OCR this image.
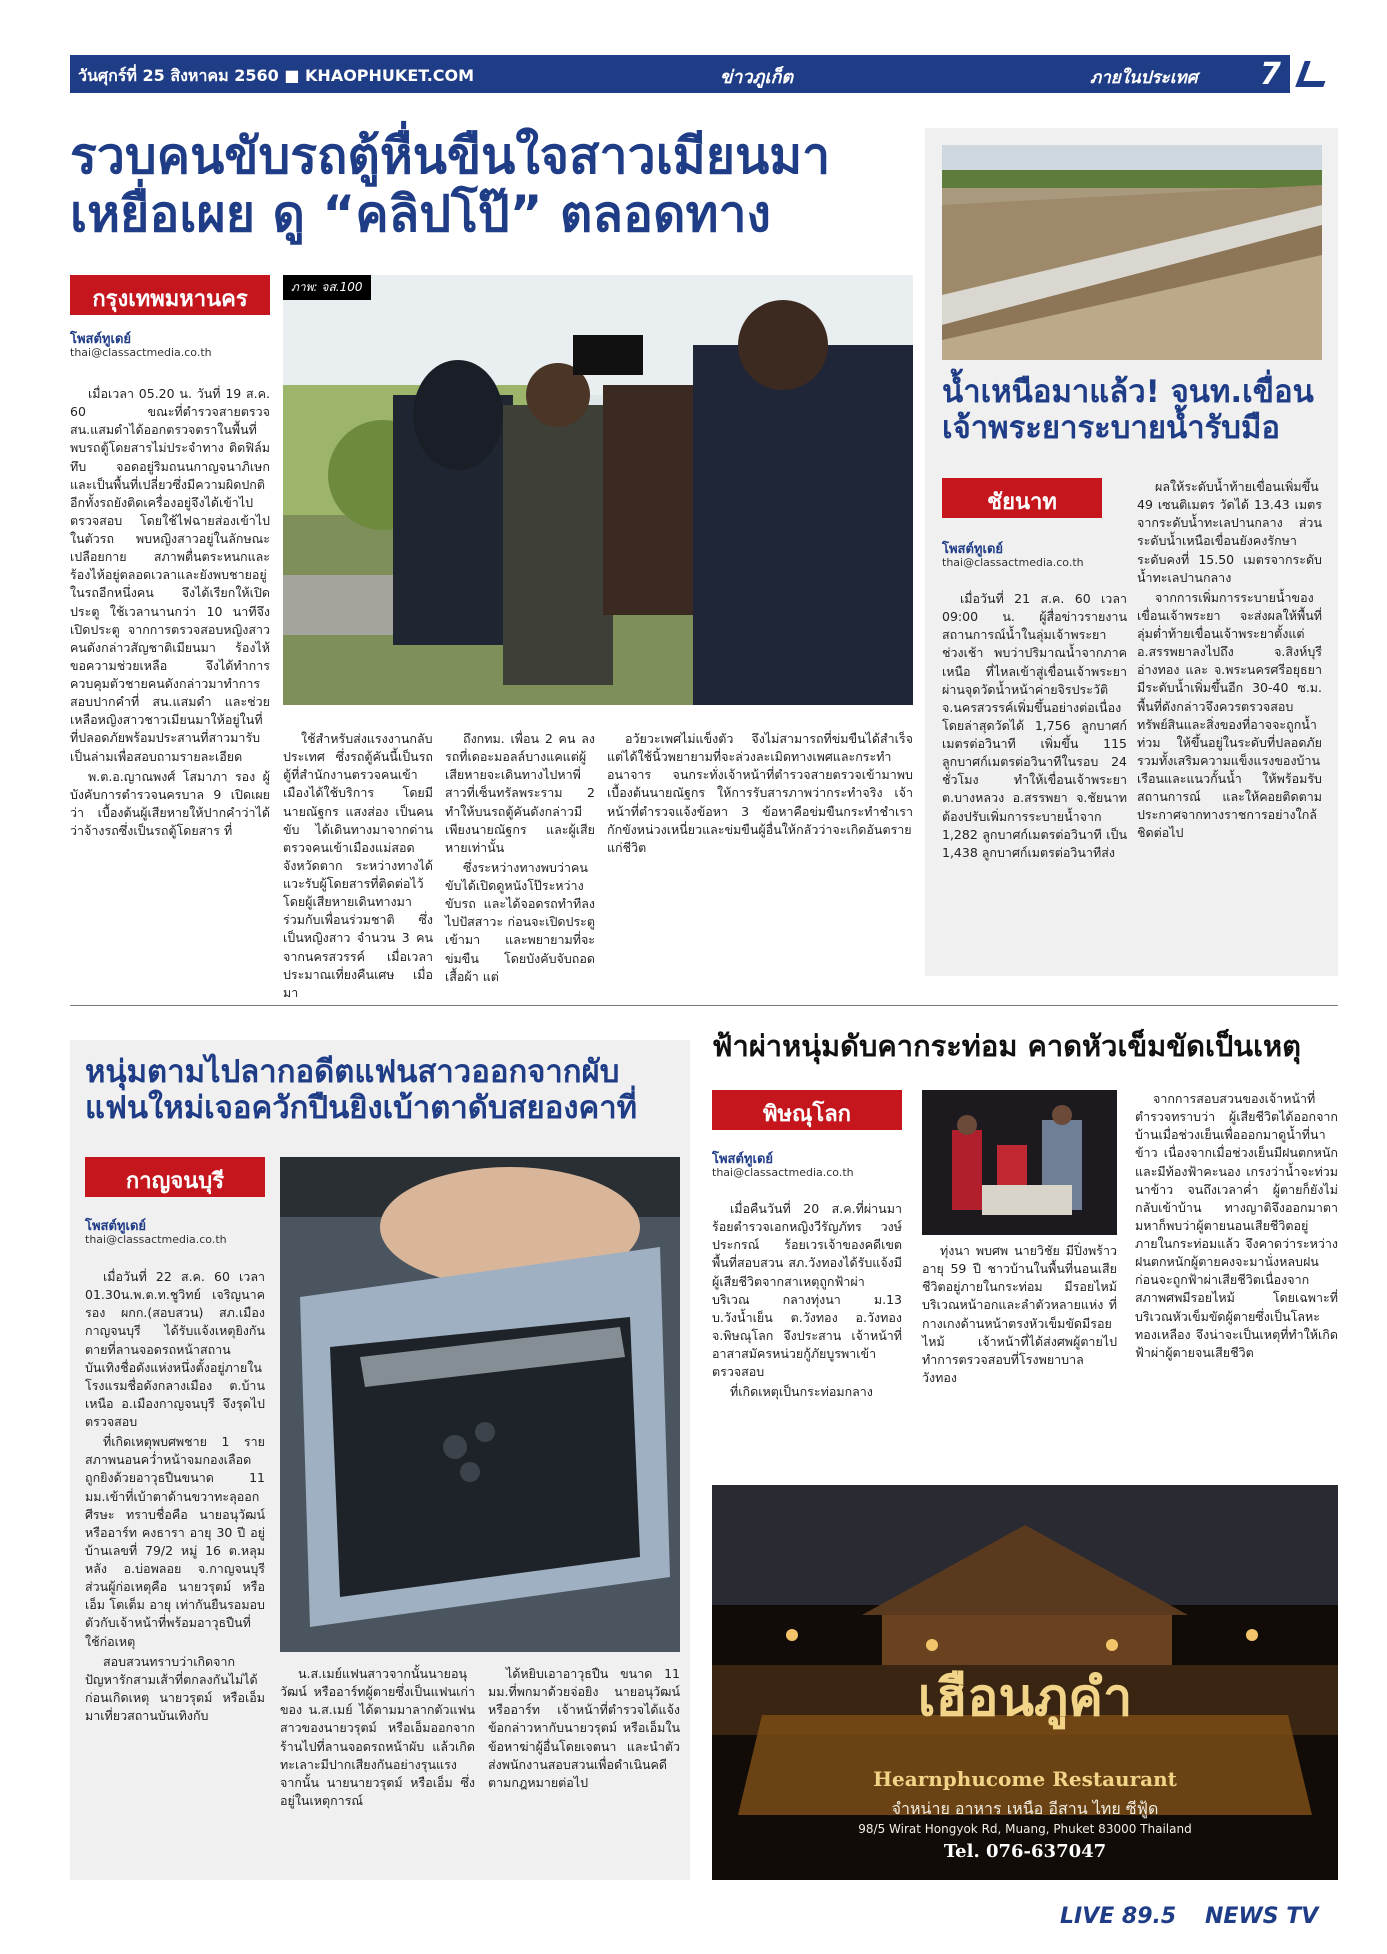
วันศุกร์ที่ 25 สิงหาคม 2560 ■ KHAOPHUKET.COM	ข่าวภูเก็ต	ภายในประเทศ 7
รวบคนขับรถตู้หื่นขืนใจสาวเมียนมา
เหยื่อเผย ดู “คลิปโป๊” ตลอดทาง
กรุงเทพมหานคร
โพสต์ทูเดย์
thai@classactmedia.co.th

เมื่อเวลา 05.20 น. วันที่ 19 ส.ค. 60 ขณะที่ตำรวจสายตรวจ สน.แสมดำได้ออกตรวจตราในพื้นที่ พบรถตู้โดยสารไม่ประจำทาง ติดฟิล์มทึบ จอดอยู่ริมถนนกาญจนาภิเษก และเป็นพื้นที่เปลี่ยวซึ่งมีความผิดปกติ อีกทั้งรถยังติดเครื่องอยู่จึงได้เข้าไปตรวจสอบ โดยใช้ไฟฉายส่องเข้าไปในตัวรถ พบหญิงสาวอยู่ในลักษณะเปลือยกาย สภาพตื่นตระหนกและร้องไห้อยู่ตลอดเวลาและยังพบชายอยู่ในรถอีกหนึ่งคน จึงได้เรียกให้เปิดประตู ใช้เวลานานกว่า 10 นาทีจึงเปิดประตู จากการตรวจสอบหญิงสาวคนดังกล่าวสัญชาติเมียนมา ร้องไห้ขอความช่วยเหลือ จึงได้ทำการควบคุมตัวชายคนดังกล่าวมาทำการสอบปากคำที่ สน.แสมดำ และช่วยเหลือหญิงสาวชาวเมียนมาให้อยู่ในที่ที่ปลอดภัยพร้อมประสานที่สาวมารับเป็นล่ามเพื่อสอบถามรายละเอียด

พ.ต.อ.ญาณพงศ์ โสมาภา รอง ผู้บังคับการตำรวจนครบาล 9 เปิดเผยว่า เบื้องต้นผู้เสียหายให้ปากคำว่าได้ว่าจ้างรถซึ่งเป็นรถตู้โดยสาร ที่

ภาพ: จส.100

ใช้สำหรับส่งแรงงานกลับประเทศ ซึ่งรถตู้คันนี้เป็นรถตู้ที่สำนักงานตรวจคนเข้าเมืองได้ใช้บริการ โดยมี นายณัฐกร แสงส่อง เป็นคนขับ ได้เดินทางมาจากด่านตรวจคนเข้าเมืองแม่สอด จังหวัดตาก ระหว่างทางได้แวะรับผู้โดยสารที่ติดต่อไว้ โดยผู้เสียหายเดินทางมาร่วมกับเพื่อนร่วมชาติ ซึ่งเป็นหญิงสาว จำนวน 3 คน จากนครสวรรค์ เมื่อเวลาประมาณเที่ยงคืนเศษ เมื่อมา

ถึงกทม. เพื่อน 2 คน ลงรถที่เดอะมอลล์บางแคแต่ผู้เสียหายจะเดินทางไปหาพี่สาวที่เซ็นทรัลพระราม 2 ทำให้บนรถตู้คันดังกล่าวมีเพียงนายณัฐกร และผู้เสียหายเท่านั้น

ซึ่งระหว่างทางพบว่าคนขับได้เปิดดูหนังโป๊ระหว่างขับรถ และได้จอดรถทำทีลงไปปัสสาวะ ก่อนจะเปิดประตูเข้ามา และพยายามที่จะข่มขืน โดยบังคับจับถอดเสื้อผ้า แต่

อวัยวะเพศไม่แข็งตัว จึงไม่สามารถที่ข่มขืนได้สำเร็จ แต่ได้ใช้นิ้วพยายามที่จะล่วงละเมิดทางเพศและกระทำอนาจาร จนกระทั่งเจ้าหน้าที่ตำรวจสายตรวจเข้ามาพบ เบื้องต้นนายณัฐกร ให้การรับสารภาพว่ากระทำจริง เจ้าหน้าที่ตำรวจแจ้งข้อหา 3 ข้อหาคือข่มขืนกระทำชำเรา กักขังหน่วงเหนี่ยวและข่มขืนผู้อื่นให้กลัวว่าจะเกิดอันตรายแก่ชีวิต

น้ำเหนือมาแล้ว! จนท.เขื่อน
เจ้าพระยาระบายน้ำรับมือ
ชัยนาท
โพสต์ทูเดย์
thai@classactmedia.co.th

เมื่อวันที่ 21 ส.ค. 60 เวลา 09:00 น. ผู้สื่อข่าวรายงานสถานการณ์น้ำในลุ่มเจ้าพระยาช่วงเช้า พบว่าปริมาณน้ำจากภาคเหนือ ที่ไหลเข้าสู่เขื่อนเจ้าพระยา ผ่านจุดวัดน้ำหน้าค่ายจิรประวัติ จ.นครสวรรค์เพิ่มขึ้นอย่างต่อเนื่อง โดยล่าสุดวัดได้ 1,756 ลูกบาศก์เมตรต่อวินาที เพิ่มขึ้น 115 ลูกบาศก์เมตรต่อวินาทีในรอบ 24 ชั่วโมง ทำให้เขื่อนเจ้าพระยา ต.บางหลวง อ.สรรพยา จ.ชัยนาท ต้องปรับเพิ่มการระบายน้ำจาก 1,282 ลูกบาศก์เมตรต่อวินาที เป็น 1,438 ลูกบาศก์เมตรต่อวินาทีส่ง

ผลให้ระดับน้ำท้ายเขื่อนเพิ่มขึ้น 49 เซนติเมตร วัดได้ 13.43 เมตรจากระดับน้ำทะเลปานกลาง ส่วนระดับน้ำเหนือเขื่อนยังคงรักษาระดับคงที่ 15.50 เมตรจากระดับน้ำทะเลปานกลาง

จากการเพิ่มการระบายน้ำของเขื่อนเจ้าพระยา จะส่งผลให้พื้นที่ลุ่มต่ำท้ายเขื่อนเจ้าพระยาตั้งแต่ อ.สรรพยาลงไปถึง จ.สิงห์บุรี อ่างทอง และ จ.พระนครศรีอยุธยา มีระดับน้ำเพิ่มขึ้นอีก 30-40 ซ.ม. พื้นที่ดังกล่าวจึงควรตรวจสอบทรัพย์สินและสิ่งของที่อาจจะถูกน้ำท่วม ให้ขึ้นอยู่ในระดับที่ปลอดภัย รวมทั้งเสริมความแข็งแรงของบ้านเรือนและแนวกั้นน้ำ ให้พร้อมรับสถานการณ์ และให้คอยติดตามประกาศจากทางราชการอย่างใกล้ชิดต่อไป

หนุ่มตามไปลากอดีตแฟนสาวออกจากผับ
แฟนใหม่เจอควักปืนยิงเบ้าตาดับสยองคาที่
กาญจนบุรี
โพสต์ทูเดย์
thai@classactmedia.co.th

เมื่อวันที่ 22 ส.ค. 60 เวลา 01.30น.พ.ต.ท.ชูวิทย์ เจริญนาค รอง ผกก.(สอบสวน) สภ.เมืองกาญจนบุรี ได้รับแจ้งเหตุยิงกันตายที่ลานจอดรถหน้าสถานบันเทิงชื่อดังแห่งหนึ่งตั้งอยู่ภายในโรงแรมชื่อดังกลางเมือง ต.บ้านเหนือ อ.เมืองกาญจนบุรี จึงรุดไปตรวจสอบ

ที่เกิดเหตุพบศพชาย 1 ราย สภาพนอนคว่ำหน้าจมกองเลือดถูกยิงด้วยอาวุธปืนขนาด 11 มม.เข้าที่เบ้าตาด้านขวาทะลุออกศีรษะ ทราบชื่อคือ นายอนุวัฒน์ หรืออาร์ท คงธารา อายุ 30 ปี อยู่บ้านเลขที่ 79/2 หมู่ 16 ต.หลุมหลัง อ.บ่อพลอย จ.กาญจนบุรี ส่วนผู้ก่อเหตุคือ นายวรุตม์ หรือเอ็ม โตเต็ม อายุ เท่ากันยืนรอมอบตัวกับเจ้าหน้าที่พร้อมอาวุธปืนที่ใช้ก่อเหตุ

สอบสวนทราบว่าเกิดจากปัญหารักสามเส้าที่ตกลงกันไม่ได้ ก่อนเกิดเหตุ นายวรุตม์ หรือเอ็มมาเที่ยวสถานบันเทิงกับ

น.ส.เมย์แฟนสาวจากนั้นนายอนุวัฒน์ หรืออาร์ทผู้ตายซึ่งเป็นแฟนเก่าของ น.ส.เมย์ ได้ตามมาลากตัวแฟนสาวของนายวรุตม์ หรือเอ็มออกจากร้านไปที่ลานจอดรถหน้าผับ แล้วเกิดทะเลาะมีปากเสียงกันอย่างรุนแรง จากนั้น นายนายวรุตม์ หรือเอ็ม ซึ่งอยู่ในเหตุการณ์

ได้หยิบเอาอาวุธปืน ขนาด 11 มม.ที่พกมาด้วยจ่อยิง นายอนุวัฒน์ หรืออาร์ท เจ้าหน้าที่ตำรวจได้แจ้งข้อกล่าวหากับนายวรุตม์ หรือเอ็มในข้อหาฆ่าผู้อื่นโดยเจตนา และนำตัวส่งพนักงานสอบสวนเพื่อดำเนินคดีตามกฎหมายต่อไป

ฟ้าผ่าหนุ่มดับคากระท่อม คาดหัวเข็มขัดเป็นเหตุ
พิษณุโลก
โพสต์ทูเดย์
thai@classactmedia.co.th

เมื่อคืนวันที่ 20 ส.ค.ที่ผ่านมา ร้อยตำรวจเอกหญิงวีรัญภัทร วงษ์ประกรณ์ ร้อยเวรเจ้าของคดีเขตพื้นที่สอบสวน สภ.วังทองได้รับแจ้งมี ผู้เสียชีวิตจากสาเหตุถูกฟ้าผ่า บริเวณ กลางทุ่งนา ม.13 บ.วังน้ำเย็น ต.วังทอง อ.วังทอง จ.พิษณุโลก จึงประสาน เจ้าหน้าที่อาสาสมัครหน่วยกู้ภัยบูรพาเข้าตรวจสอบ

ที่เกิดเหตุเป็นกระท่อมกลาง

ทุ่งนา พบศพ นายวิชัย มีปิ่งพร้าว อายุ 59 ปี ชาวบ้านในพื้นที่นอนเสียชีวิตอยู่ภายในกระท่อม มีรอยไหม้บริเวณหน้าอกและลำตัวหลายแห่ง ที่กางเกงด้านหน้าตรงหัวเข็มขัดมีรอยไหม้ เจ้าหน้าที่ได้ส่งศพผู้ตายไปทำการตรวจสอบที่โรงพยาบาลวังทอง

จากการสอบสวนของเจ้าหน้าที่ตำรวจทราบว่า ผู้เสียชีวิตได้ออกจากบ้านเมื่อช่วงเย็นเพื่อออกมาดูน้ำที่นาข้าว เนื่องจากเมื่อช่วงเย็นมีฝนตกหนักและมีท้องฟ้าคะนอง เกรงว่าน้ำจะท่วมนาข้าว จนถึงเวลาค่ำ ผู้ตายก็ยังไม่กลับเข้าบ้าน ทางญาติจึงออกมาตามหาก็พบว่าผู้ตายนอนเสียชีวิตอยู่ภายในกระท่อมแล้ว จึงคาดว่าระหว่างฝนตกหนักผู้ตายคงจะมานั่งหลบฝนก่อนจะถูกฟ้าผ่าเสียชีวิตเนื่องจากสภาพศพมีรอยไหม้ โดยเฉพาะที่บริเวณหัวเข็มขัดผู้ตายซึ่งเป็นโลหะทองเหลือง จึงน่าจะเป็นเหตุที่ทำให้เกิดฟ้าผ่าผู้ตายจนเสียชีวิต

เฮือนภูคำ
Hearnphucome Restaurant
จำหน่าย อาหาร เหนือ อีสาน ไทย ซีฟู้ด
98/5 Wirat Hongyok Rd, Muang, Phuket 83000 Thailand
Tel. 076-637047
LIVE 89.5 NEWS TV
